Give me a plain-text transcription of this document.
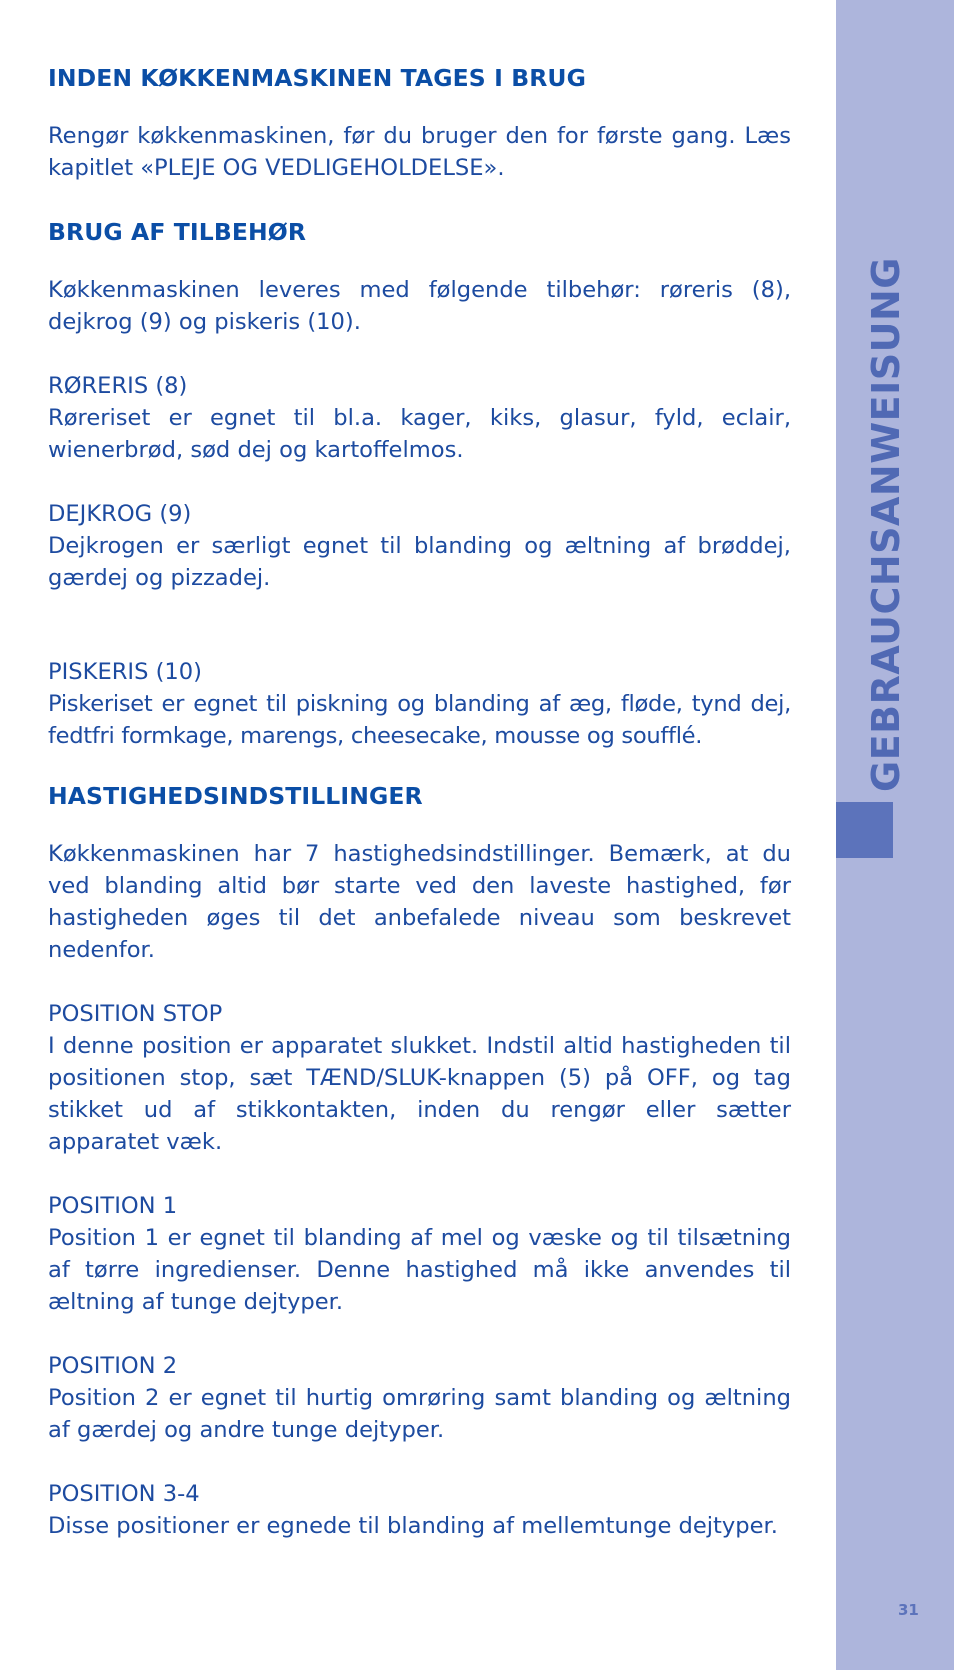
INDEN KØKKENMASKINEN TAGES I BRUG

Rengør køkkenmaskinen, før du bruger den for første gang. Læs kapitlet «PLEJE OG VEDLIGEHOLDELSE».

BRUG AF TILBEHØR

Køkkenmaskinen leveres med følgende tilbehør: røreris (8), dejkrog (9) og piskeris (10).

RØRERIS (8)

Røreriset er egnet til bl.a. kager, kiks, glasur, fyld, eclair, wienerbrød, sød dej og kartoffelmos.

DEJKROG (9)

Dejkrogen er særligt egnet til blanding og æltning af brøddej, gærdej og pizzadej.

PISKERIS (10)

Piskeriset er egnet til piskning og blanding af æg, fløde, tynd dej, fedtfri formkage, marengs, cheesecake, mousse og soufflé.

HASTIGHEDSINDSTILLINGER

Køkkenmaskinen har 7 hastighedsindstillinger. Bemærk, at du ved blanding altid bør starte ved den laveste hastighed, før hastigheden øges til det anbefalede niveau som beskrevet nedenfor.

POSITION STOP

I denne position er apparatet slukket. Indstil altid hastigheden til positionen stop, sæt TÆND/SLUK-knappen (5) på OFF, og tag stikket ud af stikkontakten, inden du rengør eller sætter apparatet væk.

POSITION 1

Position 1 er egnet til blanding af mel og væske og til tilsætning af tørre ingredienser. Denne hastighed må ikke anvendes til æltning af tunge dejtyper.

POSITION 2

Position 2 er egnet til hurtig omrøring samt blanding og æltning af gærdej og andre tunge dejtyper.

POSITION 3-4

Disse positioner er egnede til blanding af mellemtunge dejtyper.

GEBRAUCHSANWEISUNG
31
